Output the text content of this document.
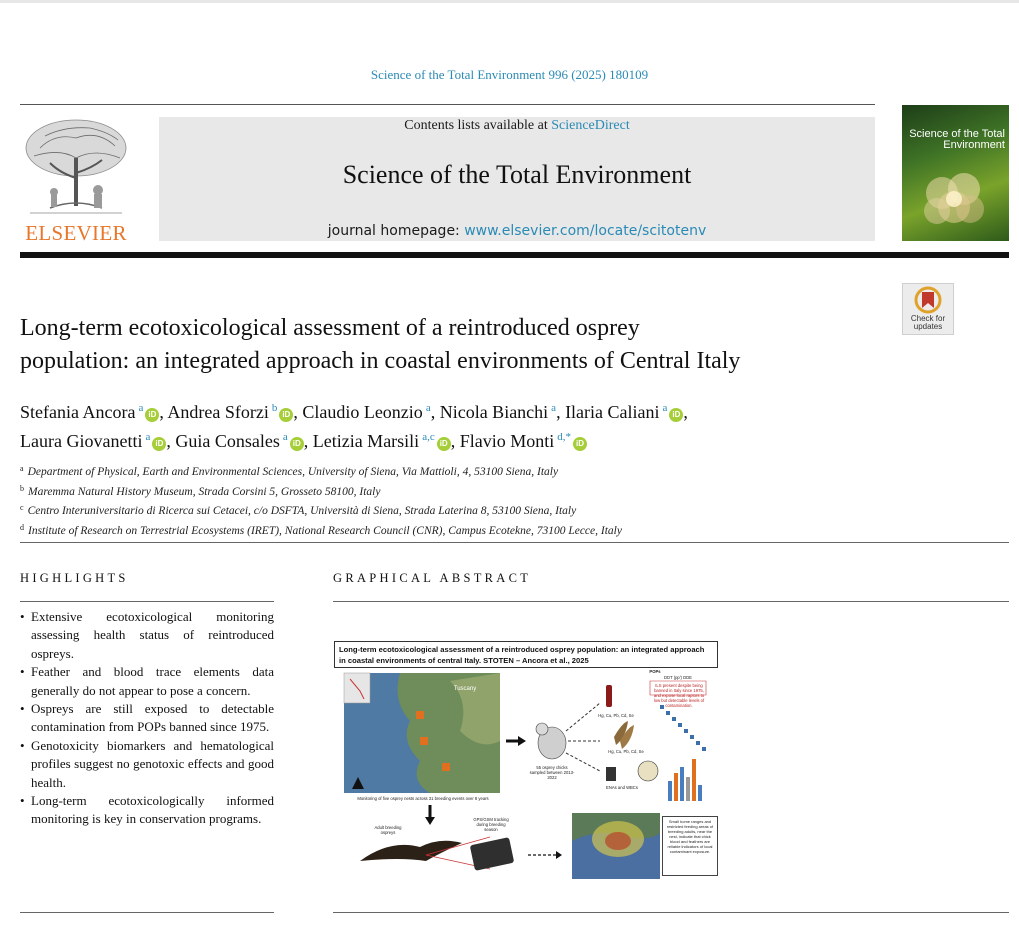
Science of the Total Environment 996 (2025) 180109
ELSEVIER
Contents lists available at ScienceDirect
Science of the Total Environment
journal homepage: www.elsevier.com/locate/scitotenv
Science of the Total Environment
Check for updates
Long-term ecotoxicological assessment of a reintroduced osprey
population: an integrated approach in coastal environments of Central Italy
Stefania Ancora $^a$iD , Andrea Sforzi $^b$iD , Claudio Leonzio $^a$, Nicola Bianchi $^a$, Ilaria Caliani $^a$iD ,
Laura Giovanetti $^a$iD , Guia Consales $^a$iD , Letizia Marsili $^{a,c}$iD , Flavio Monti $^{d,*}$iD
$^a$ Department of Physical, Earth and Environmental Sciences, University of Siena, Via Mattioli, 4, 53100 Siena, Italy
$^b$ Maremma Natural History Museum, Strada Corsini 5, Grosseto 58100, Italy
$^c$ Centro Interuniversitario di Ricerca sui Cetacei, c/o DSFTA, Università di Siena, Strada Laterina 8, 53100 Siena, Italy
$^d$ Institute of Research on Terrestrial Ecosystems (IRET), National Research Council (CNR), Campus Ecotekne, 73100 Lecce, Italy
HIGHLIGHTS
• Extensive ecotoxicological monitoring assessing health status of reintroduced ospreys.
• Feather and blood trace elements data generally do not appear to pose a concern.
• Ospreys are still exposed to detectable contamination from POPs banned since 1975.
• Genotoxicity biomarkers and hematological profiles suggest no genotoxic effects and good health.
• Long-term ecotoxicologically informed monitoring is key in conservation programs.
GRAPHICAL ABSTRACT
Long-term ecotoxicological assessment of a reintroduced osprey population: an integrated approach in coastal environments of central Italy. STOTEN – Ancora et al., 2025
Monitoring of five osprey nests across 31 breeding events over 8 years
Tuscany
55 osprey chicks sampled between 2013-2022
POPs
DDT (pp') DDE
ILS present despite being banned in Italy since 1975, and expose local raptors to low but detectable levels of contamination.
Hg, Cu, Pb, Cd, Se
Hg, Cu, Pb, Cd, Se
ENAs and WBCs
Adult breeding ospreys
GPS/GSM tracking during breeding season
Small home ranges and restricted feeding areas of breeding adults, near the nest, indicate that chick blood and feathers are reliable indicators of local contaminant exposure.
